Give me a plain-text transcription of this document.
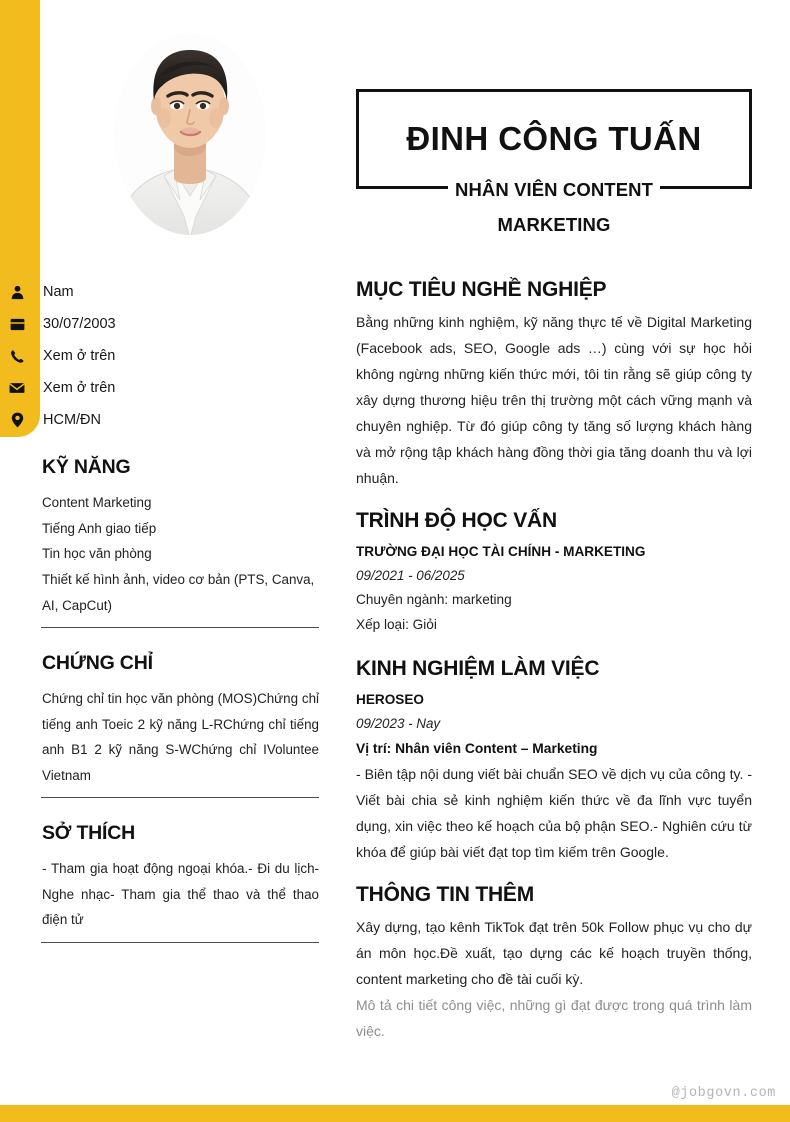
Nam
30/07/2003
Xem ở trên
Xem ở trên
HCM/ĐN
KỸ NĂNG
Content Marketing
Tiếng Anh giao tiếp
Tin học văn phòng
Thiết kế hình ảnh, video cơ bản (PTS, Canva, AI, CapCut)
CHỨNG CHỈ
Chứng chỉ tin học văn phòng (MOS)Chứng chỉ tiếng anh Toeic 2 kỹ năng L-RChứng chỉ tiếng anh B1 2 kỹ năng S-WChứng chỉ IVoluntee Vietnam
SỞ THÍCH
- Tham gia hoạt động ngoại khóa.- Đi du lịch- Nghe nhạc- Tham gia thể thao và thể thao điện tử
ĐINH CÔNG TUẤN
NHÂN VIÊN CONTENT
MARKETING
MỤC TIÊU NGHỀ NGHIỆP
Bằng những kinh nghiệm, kỹ năng thực tế về Digital Marketing (Facebook ads, SEO, Google ads …) cùng với sự học hỏi không ngừng những kiến thức mới, tôi tin rằng sẽ giúp công ty xây dựng thương hiệu trên thị trường một cách vững mạnh và chuyên nghiệp. Từ đó giúp công ty tăng số lượng khách hàng và mở rộng tập khách hàng đồng thời gia tăng doanh thu và lợi nhuận.
TRÌNH ĐỘ HỌC VẤN
TRƯỜNG ĐẠI HỌC TÀI CHÍNH - MARKETING
09/2021 - 06/2025
Chuyên ngành: marketing
Xếp loại: Giỏi
KINH NGHIỆM LÀM VIỆC
HEROSEO
09/2023 - Nay
Vị trí: Nhân viên Content – Marketing
- Biên tập nội dung viết bài chuẩn SEO về dịch vụ của công ty. - Viết bài chia sẻ kinh nghiệm kiến thức về đa lĩnh vực tuyển dụng, xin việc theo kế hoạch của bộ phận SEO.- Nghiên cứu từ khóa để giúp bài viết đạt top tìm kiếm trên Google.
THÔNG TIN THÊM
Xây dựng, tạo kênh TikTok đạt trên 50k Follow phục vụ cho dự án môn học.Đề xuất, tạo dựng các kế hoạch truyền thống, content marketing cho đề tài cuối kỳ.
Mô tả chi tiết công việc, những gì đạt được trong quá trình làm việc.
@jobgovn.com
